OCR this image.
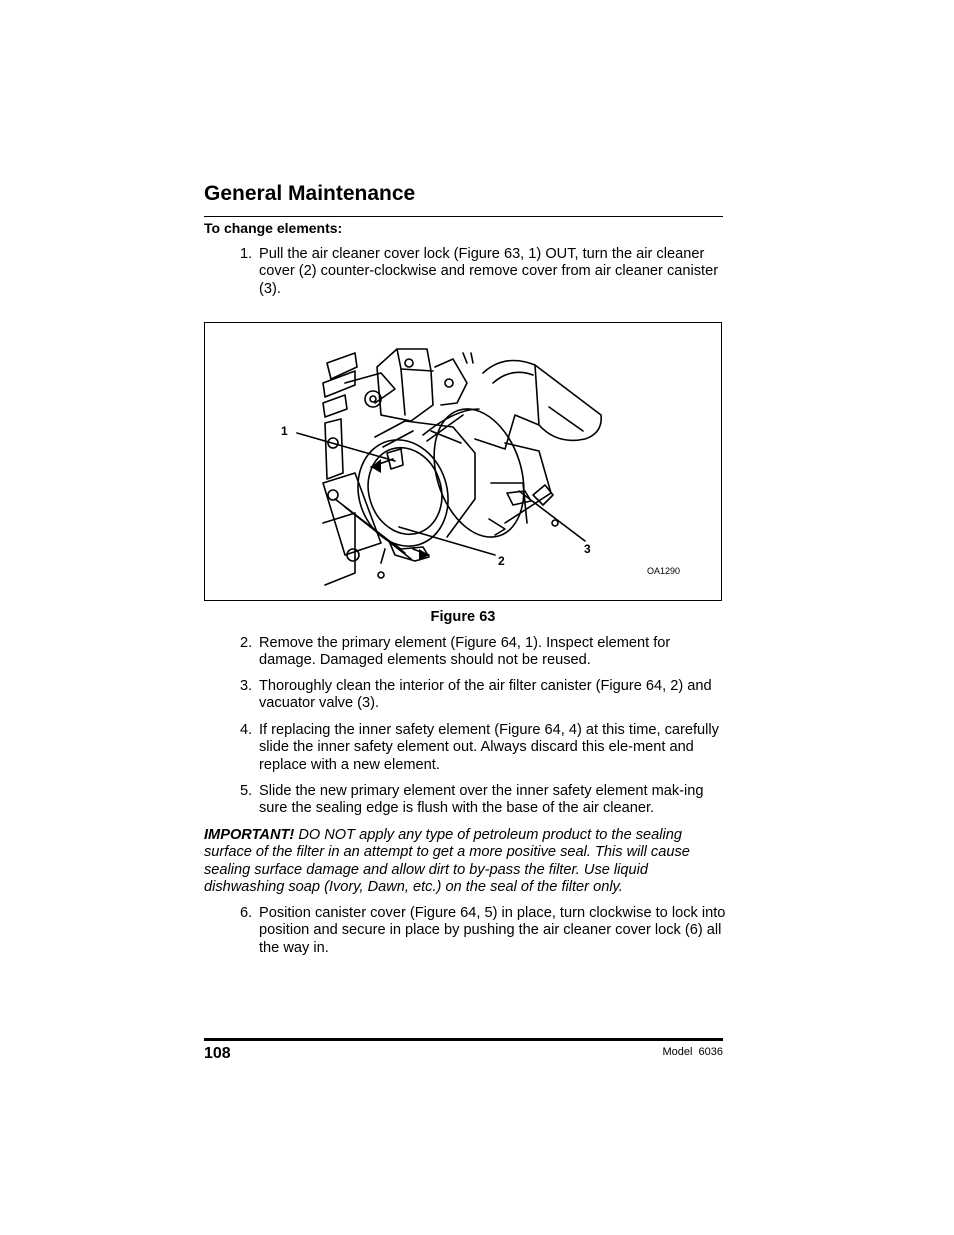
General Maintenance
To change elements:
1. Pull the air cleaner cover lock (Figure 63, 1) OUT, turn the air cleaner cover (2) counter-clockwise and remove cover from air cleaner canister (3).
1
2
3
OA1290
Figure 63
2. Remove the primary element (Figure 64, 1). Inspect element for damage. Damaged elements should not be reused.
3. Thoroughly clean the interior of the air filter canister (Figure 64, 2) and vacuator valve (3).
4. If replacing the inner safety element (Figure 64, 4) at this time, carefully slide the inner safety element out. Always discard this ele-ment and replace with a new element.
5. Slide the new primary element over the inner safety element mak-ing sure the sealing edge is flush with the base of the air cleaner.
IMPORTANT! DO NOT apply any type of petroleum product to the sealing surface of the filter in an attempt to get a more positive seal. This will cause sealing surface damage and allow dirt to by-pass the filter. Use liquid dishwashing soap (Ivory, Dawn, etc.) on the seal of the filter only.
6. Position canister cover (Figure 64, 5) in place, turn clockwise to lock into position and secure in place by pushing the air cleaner cover lock (6) all the way in.
108	Model  6036
